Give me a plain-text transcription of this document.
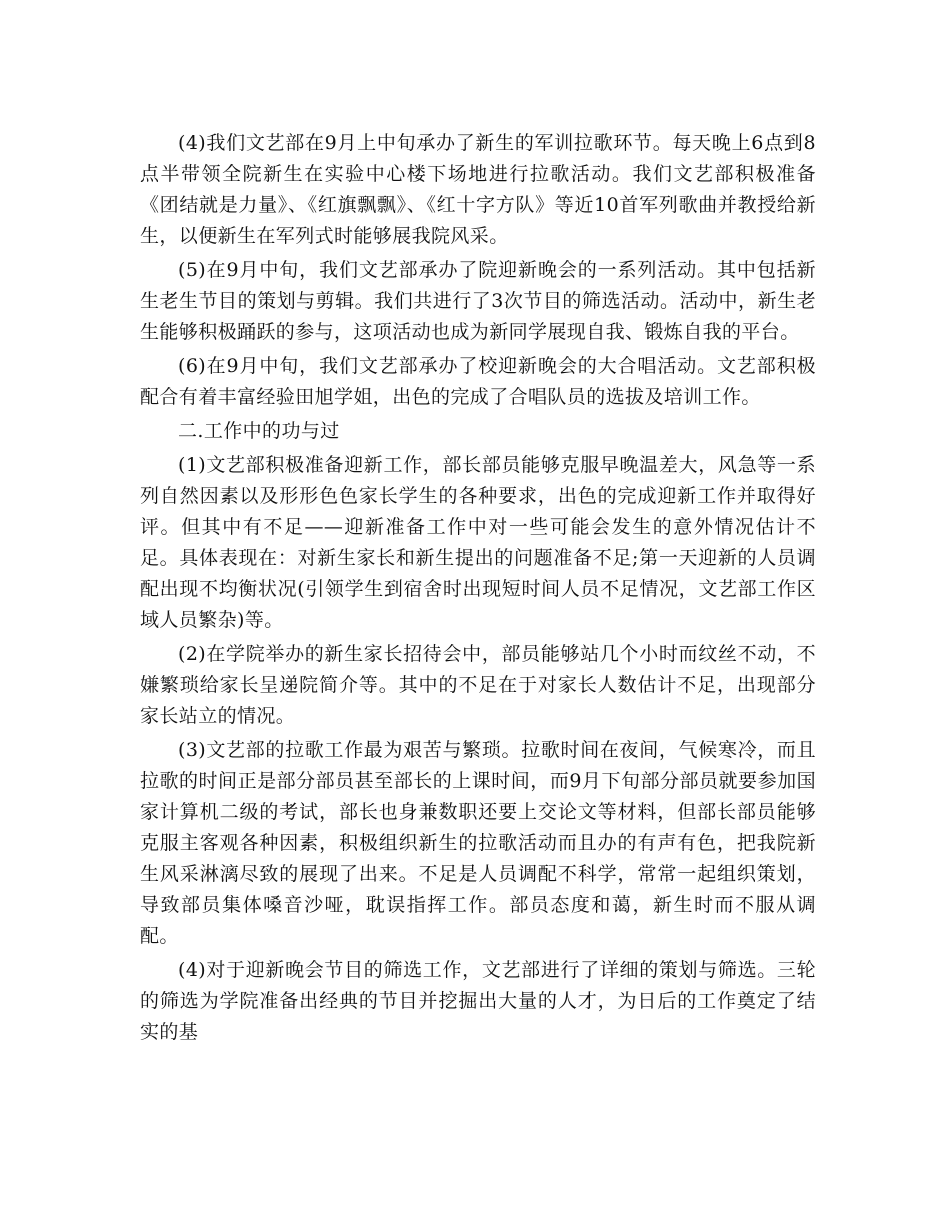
(4)我们文艺部在9月上中旬承办了新生的军训拉歌环节。每天晚上6点到8点半带领全院新生在实验中心楼下场地进行拉歌活动。我们文艺部积极准备《团结就是力量》、《红旗飘飘》、《红十字方队》等近10首军列歌曲并教授给新生，以便新生在军列式时能够展我院风采。

(5)在9月中旬，我们文艺部承办了院迎新晚会的一系列活动。其中包括新生老生节目的策划与剪辑。我们共进行了3次节目的筛选活动。活动中，新生老生能够积极踊跃的参与，这项活动也成为新同学展现自我、锻炼自我的平台。

(6)在9月中旬，我们文艺部承办了校迎新晚会的大合唱活动。文艺部积极配合有着丰富经验田旭学姐，出色的完成了合唱队员的选拔及培训工作。

二.工作中的功与过

(1)文艺部积极准备迎新工作，部长部员能够克服早晚温差大，风急等一系列自然因素以及形形色色家长学生的各种要求，出色的完成迎新工作并取得好评。但其中有不足——迎新准备工作中对一些可能会发生的意外情况估计不足。具体表现在：对新生家长和新生提出的问题准备不足;第一天迎新的人员调配出现不均衡状况(引领学生到宿舍时出现短时间人员不足情况，文艺部工作区域人员繁杂)等。

(2)在学院举办的新生家长招待会中，部员能够站几个小时而纹丝不动，不嫌繁琐给家长呈递院简介等。其中的不足在于对家长人数估计不足，出现部分家长站立的情况。

(3)文艺部的拉歌工作最为艰苦与繁琐。拉歌时间在夜间，气候寒冷，而且拉歌的时间正是部分部员甚至部长的上课时间，而9月下旬部分部员就要参加国家计算机二级的考试，部长也身兼数职还要上交论文等材料，但部长部员能够克服主客观各种因素，积极组织新生的拉歌活动而且办的有声有色，把我院新生风采淋漓尽致的展现了出来。不足是人员调配不科学，常常一起组织策划，导致部员集体嗓音沙哑，耽误指挥工作。部员态度和蔼，新生时而不服从调配。

(4)对于迎新晚会节目的筛选工作，文艺部进行了详细的策划与筛选。三轮的筛选为学院准备出经典的节目并挖掘出大量的人才，为日后的工作奠定了结实的基
